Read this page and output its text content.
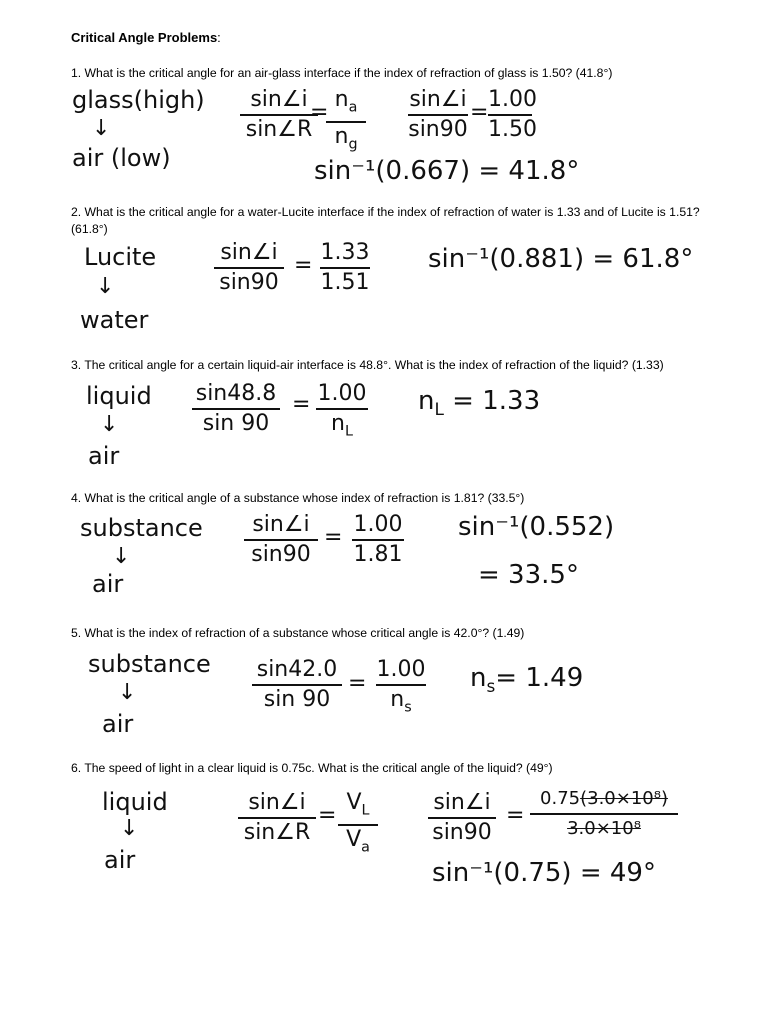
Critical Angle Problems:
1. What is the critical angle for an air-glass interface if the index of refraction of glass is 1.50? (41.8°)
glass(high)
↓
air (low)
sin∠i
sin∠R
=
$n_a$
$n_g$
sin∠i
sin90
=
1.00
1.50
sin⁻¹(0.667) = 41.8°
2. What is the critical angle for a water-Lucite interface if the index of refraction of water is 1.33 and of Lucite is 1.51? (61.8°)
Lucite
↓
water
sin∠i
sin90
=
1.33
1.51
sin⁻¹(0.881) = 61.8°
3. The critical angle for a certain liquid-air interface is 48.8°. What is the index of refraction of the liquid? (1.33)
liquid
↓
air
sin48.8
sin 90
= 1.00
$n_L$
$n_L = 1.33$
4. What is the critical angle of a substance whose index of refraction is 1.81? (33.5°)
substance
↓
air
sin∠i
sin90
=
1.00
1.81
sin⁻¹(0.552)
= 33.5°
5. What is the index of refraction of a substance whose critical angle is 42.0°? (1.49)
substance
↓
air
sin42.0
sin 90
=
1.00
$n_s$
$n_s= 1.49$
6. The speed of light in a clear liquid is 0.75c. What is the critical angle of the liquid? (49°)
liquid
↓
air
sin∠i
sin∠R
=
$V_L$
$V_a$
sin∠i
sin90
=
0.75(3.0×10⁸)
3.0×10⁸
sin⁻¹(0.75) = 49°
